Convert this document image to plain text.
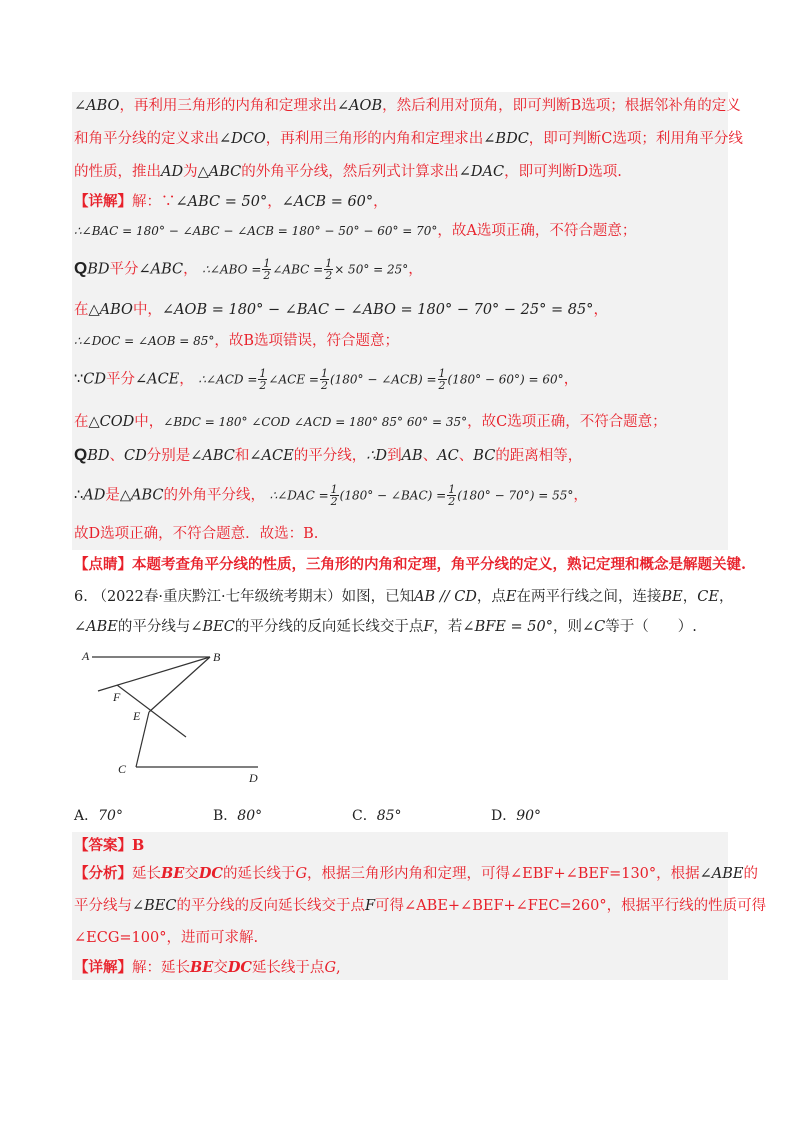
∠ABO，再利用三角形的内角和定理求出∠AOB，然后利用对顶角，即可判断B选项；根据邻补角的定义
和角平分线的定义求出∠DCO，再利用三角形的内角和定理求出∠BDC，即可判断C选项；利用角平分线
的性质，推出AD为△ABC的外角平分线，然后列式计算求出∠DAC，即可判断D选项.
【详解】解：∵∠ABC = 50°，∠ACB = 60°，
∴∠BAC = 180° − ∠ABC − ∠ACB = 180° − 50° − 60° = 70°，故A选项正确，不符合题意；
QBD平分∠ABC， ∴∠ABO = $\frac{1}{2}$ ∠ABC = $\frac{1}{2} \times 50^\circ = 25^\circ$，
在△ABO中，∠AOB = 180° − ∠BAC − ∠ABO = 180° − 70° − 25° = 85°，
∴∠DOC = ∠AOB = 85°，故B选项错误，符合题意；
∵CD平分∠ACE， ∴∠ACD = $\frac{1}{2}$ ∠ACE = $\frac{1}{2} (180^\circ$ − ∠ACB) = $\frac{1}{2} (180^\circ - 60^\circ) = 60^\circ$，
在△COD中，∠BDC = 180° ∠COD ∠ACD = 180° 85° 60° = 35°，故C选项正确，不符合题意；
QBD、CD分别是∠ABC和∠ACE的平分线，∴D到AB、AC、BC的距离相等，
∴AD是△ABC的外角平分线， ∴∠DAC = $\frac{1}{2} (180^\circ$ − ∠BAC) = $\frac{1}{2} (180^\circ - 70^\circ) = 55^\circ$，
故D选项正确，不符合题意．故选：B.
【点睛】本题考查角平分线的性质，三角形的内角和定理，角平分线的定义，熟记定理和概念是解题关键.
6. （2022春·重庆黔江·七年级统考期末）如图，已知AB // CD，点E在两平行线之间，连接BE，CE，
∠ABE的平分线与∠BEC的平分线的反向延长线交于点F，若∠BFE = 50°，则∠C等于（　　）.
A	B
F
E
C
D
A．70°	B．80°	C．85°	D．90°
【答案】B
【分析】延长BE交DC的延长线于G，根据三角形内角和定理，可得∠EBF+∠BEF=130°，根据∠ABE的
平分线与∠BEC的平分线的反向延长线交于点F可得∠ABE+∠BEF+∠FEC=260°，根据平行线的性质可得
∠ECG=100°，进而可求解.
【详解】解：延长BE交DC延长线于点G,
